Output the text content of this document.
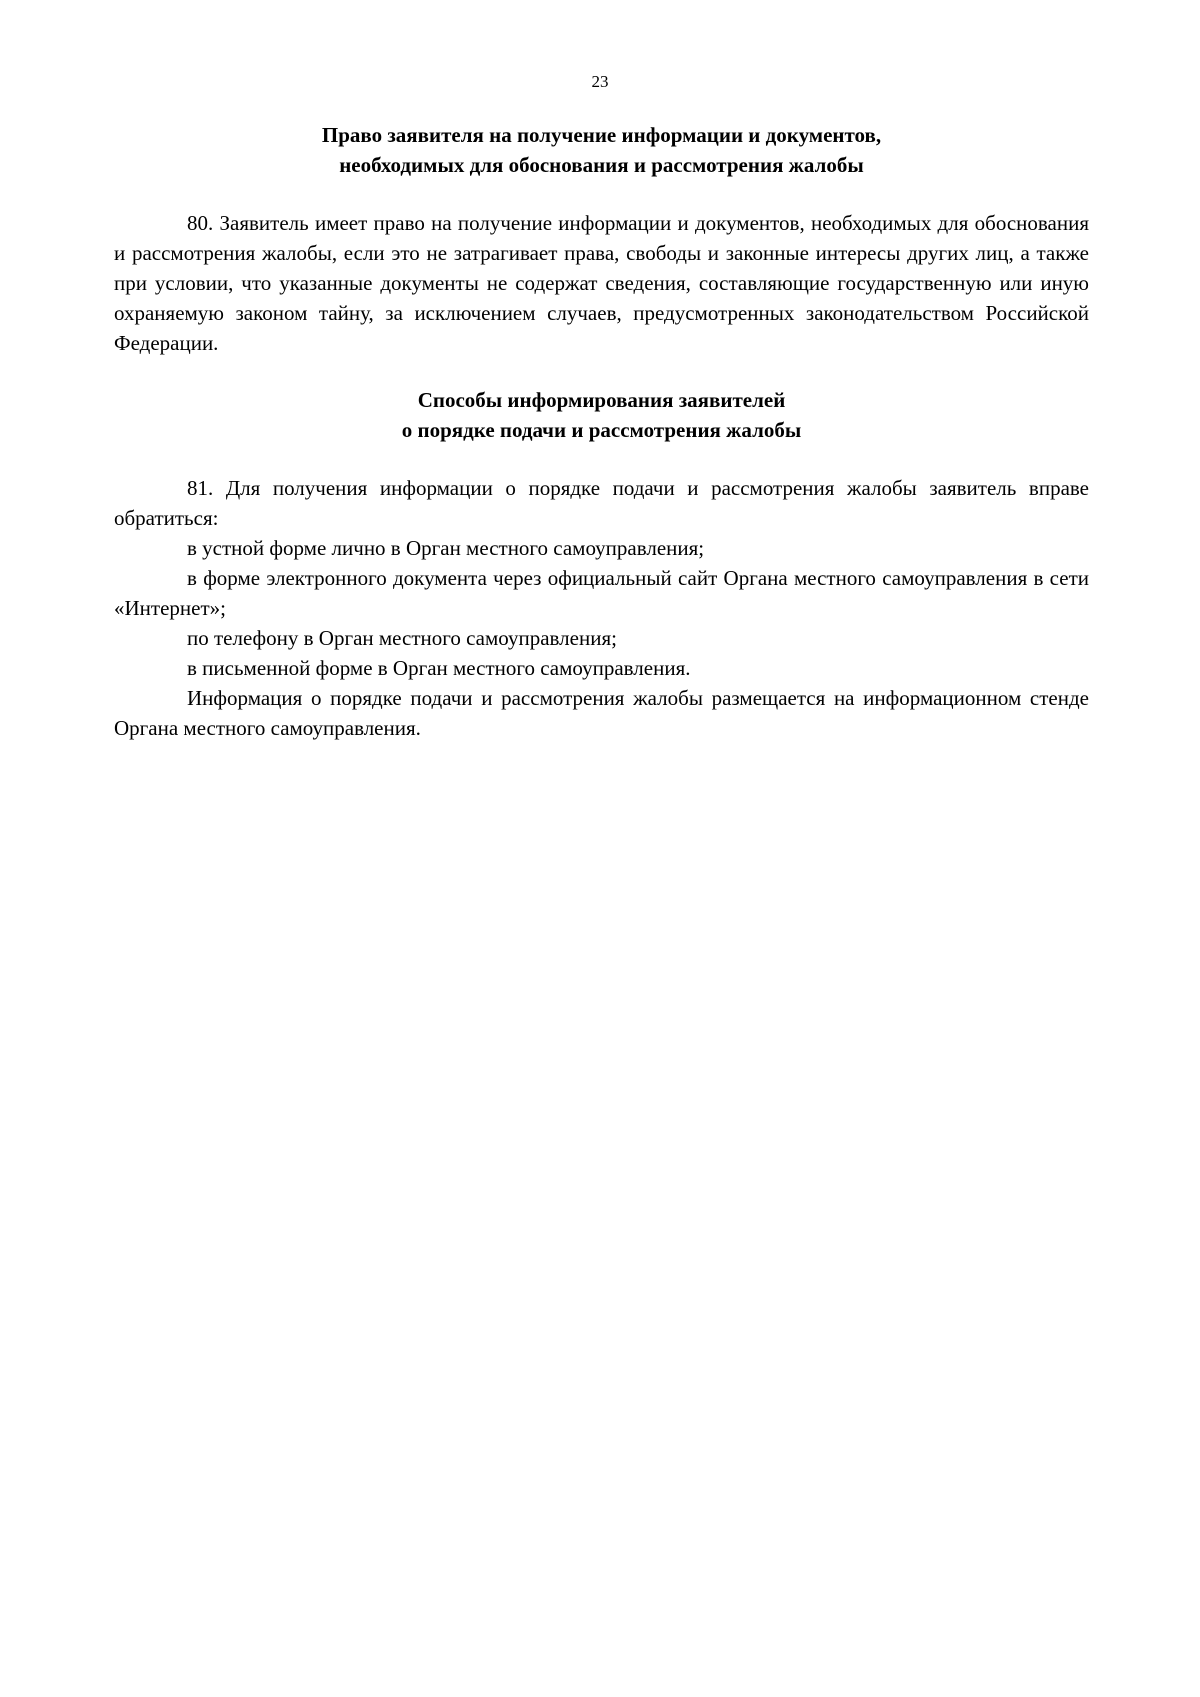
23
Право заявителя на получение информации и документов,
необходимых для обоснования и рассмотрения жалобы

80. Заявитель имеет право на получение информации и документов, необходимых для обоснования и рассмотрения жалобы, если это не затрагивает права, свободы и законные интересы других лиц, а также при условии, что указанные документы не содержат сведения, составляющие государственную или иную охраняемую законом тайну, за исключением случаев, предусмотренных законодательством Российской Федерации.

Способы информирования заявителей
о порядке подачи и рассмотрения жалобы

81. Для получения информации о порядке подачи и рассмотрения жалобы заявитель вправе обратиться:

в устной форме лично в Орган местного самоуправления;

в форме электронного документа через официальный сайт Органа местного самоуправления в сети «Интернет»;

по телефону в Орган местного самоуправления;

в письменной форме в Орган местного самоуправления.

Информация о порядке подачи и рассмотрения жалобы размещается на информационном стенде Органа местного самоуправления.
